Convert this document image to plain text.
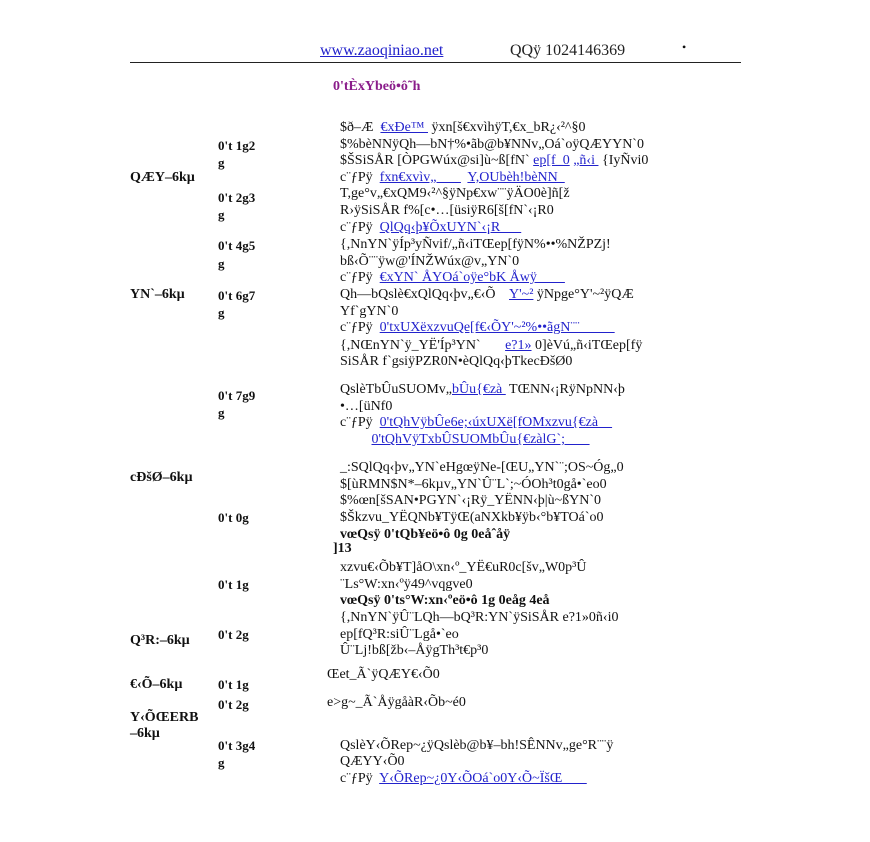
www.zaoqiniao.net	QQÿ 1024146369	•
0'tЀxYbeö•ô˜h
QÆY–6kµ
YN`–6kµ
cÐšØ–6kµ
Q³R:–6kµ
€‹Õ–6kµ
Y‹ÕŒERB
–6kµ
0't 1g2
g
0't 2g3
g
0't 4g5
g
0't 6g7
g
0't 7g9
g
0't 0g
0't 1g
0't 2g
0't 1g
0't 2g
0't 3g4
g
$ð–Æ  €xÐe™  ÿxn[š€xvìhÿT,€x_bR¿‹²^§0
$%bèNNÿQh—bN†%•ãb@b¥NNv„Oá`oÿQÆYYN`0
$ŠSiSÅR [ÒPGWúx@si]ù~ß[fN` ep[f_0 „ñ‹i  {IyÑvi0
c¨ƒPÿ  fxn€xvìv„         Y,OUbèh!bèNN
T,ge°v„€xQM9‹²^§ÿNp€xw¨¨ÿÄO0è]ñ[ž
R›ÿSiSÅR f%[c•…[üsiÿR6[š[fN`‹¡R0
c¨ƒPÿ  QlQq‹þ¥ÕxUYN`‹¡R
{,NnYN`ÿÍp³yÑvif/„ñ‹iTŒep[fÿN%••%NŽPZj!
bß‹Õ¨¨ÿw@'ÍNŽWúx@v„YN`0
c¨ƒPÿ  €xYN` ÅYOá`oÿe°bK Åwÿ
Qh—bQslè€xQlQq‹þv„€‹Õ    Y'~² ÿNpge°Y'~²ÿQÆ
Yf`gYN`0
c¨ƒPÿ  0'txUXëxzvuQe[f€‹ÕY'~²%••ãgN¨¨
{,NŒnYN`ÿ_YË'Íp³YN`       e?1» 0]èVú„ñ‹iTŒep[fÿ
SiSÅR f`gsiÿPZR0N•èQlQq‹þTkecÐšØ0
QslèTbÛuSUOMv„bÛu{€zà  TŒNN‹¡RÿNpNN‹þ
•…[üNf0
c¨ƒPÿ  0'tQhVÿbÛe6e;‹úxUXë[fOMxzvu{€zà
0'tQhVÿTxbÛSUOMbÛu{€zàlG`;
_:SQlQq‹þv„YN`eHgœÿNe-[ŒU„YN`¨;OS~Óg„0
$[ùRMN$N*–6kµv„YN`Û¨L`;~ÓOh³t0gå•`eo0
$%œn[šSAN•PGYN`‹¡Rÿ_YËNN‹þ|ù~ßYN`0
$Škzvu_YËQNb¥TÿŒ(aNXkb¥ÿb‹°b¥TOá`o0
vœQsÿ 0'tQb¥eö•ô 0g 0eåˆåÿ
]13
xzvu€‹Õb¥T]åO\xn‹º_YË€uR0c[šv„W0p³Û
¨Ls°W:xn‹ºÿ49^vqgve0
vœQsÿ 0'ts°W:xn‹ºeö•ô 1g 0eåg 4eå
{,NnYN`ÿÛ¨LQh—bQ³R:YN`ÿSiSÅR e?1»0ñ‹i0
ep[fQ³R:siÛ¨Lgå•`eo
Û¨Lj!bß[žb‹–ÅÿgTh³t€p³0
Œet_Ã`ÿQÆY€‹Õ0
e>g~_Ã`ÅÿgåàR‹Õb~é0
QslèY‹ÕRep~¿ÿQslèb@b¥–bh!SÊNNv„ge°R¨¨ÿ
QÆYY‹Õ0
c¨ƒPÿ  Y‹ÕRep~¿0Y‹ÕOá`o0Y‹Õ~ÏšŒ
